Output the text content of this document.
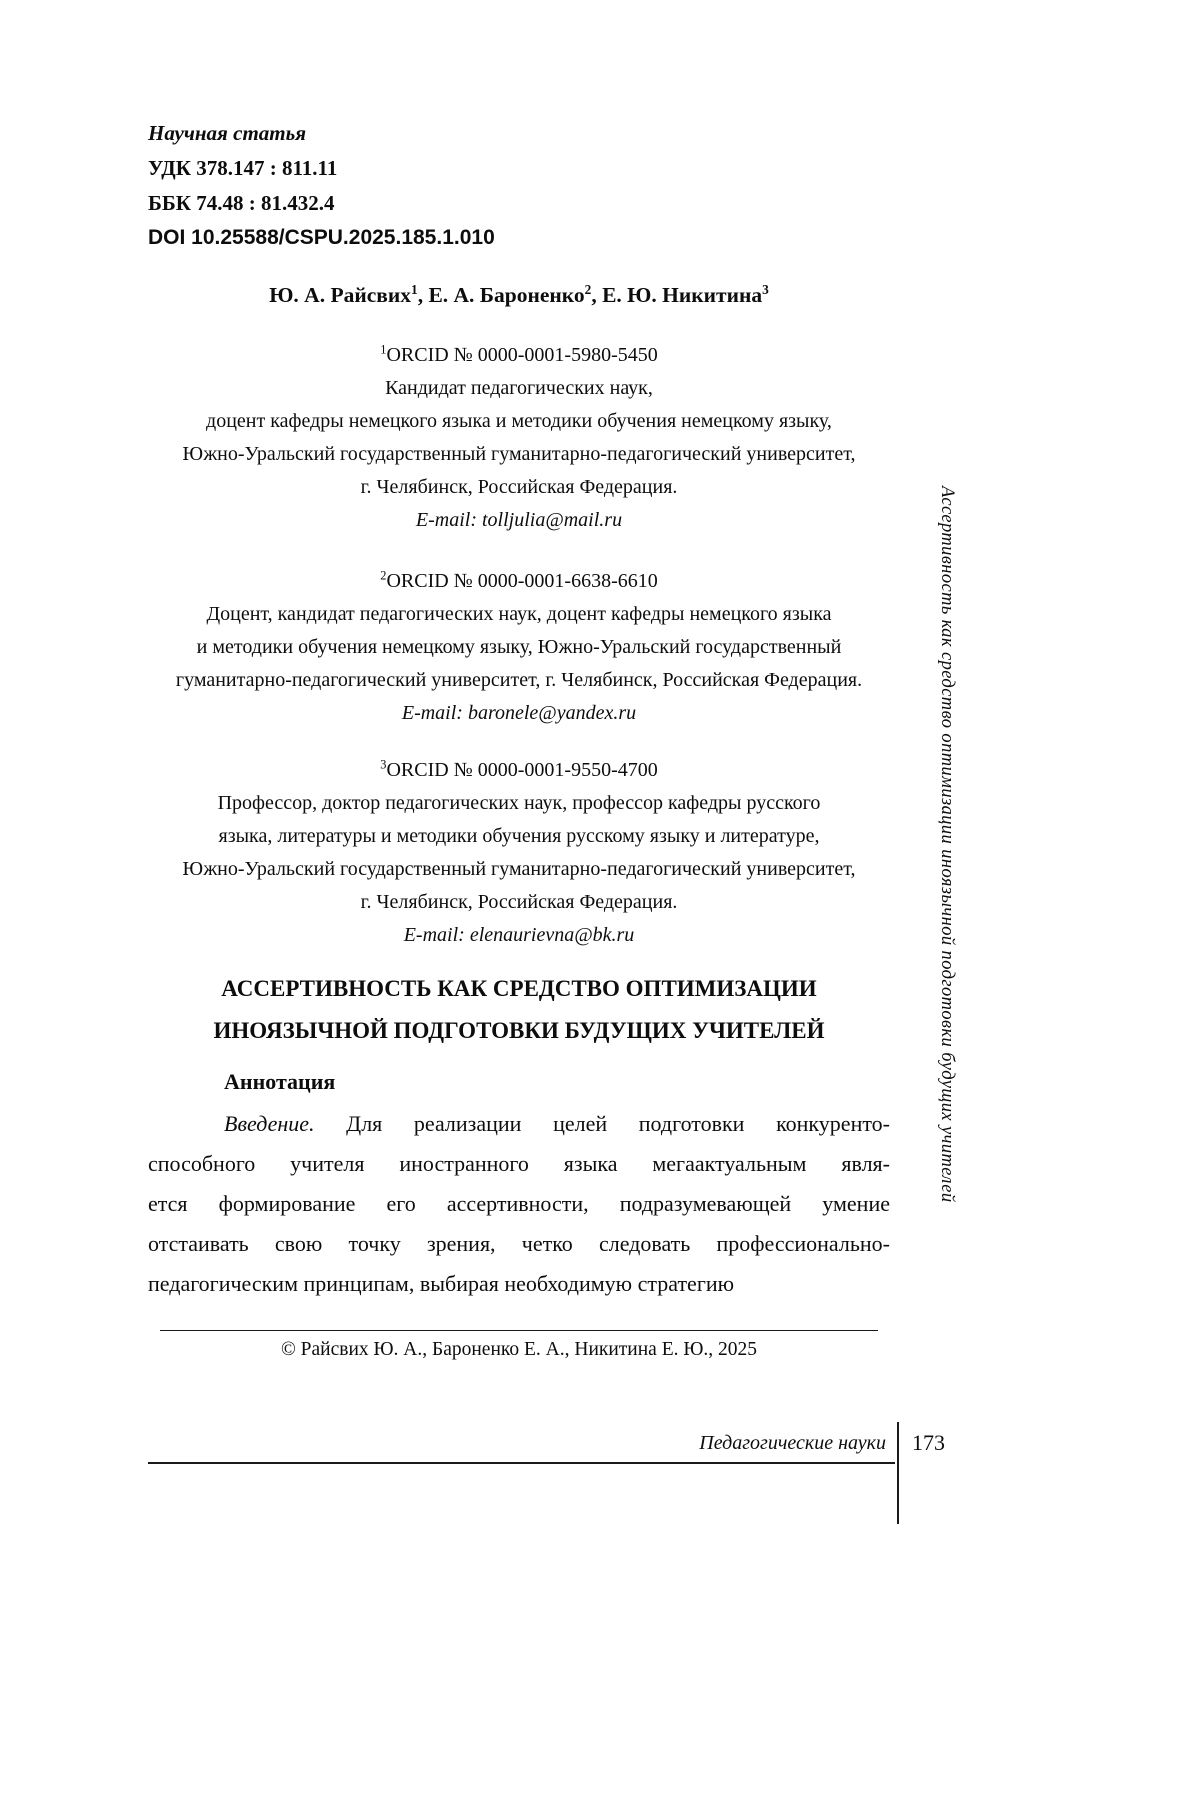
Научная статья
УДК 378.147 : 811.11
ББК 74.48 : 81.432.4
DOI 10.25588/CSPU.2025.185.1.010
Ю. А. Райсвих$^1$, Е. А. Бароненко$^2$, Е. Ю. Никитина$^3$
$^1$ORCID № 0000-0001-5980-5450
Кандидат педагогических наук,
доцент кафедры немецкого языка и методики обучения немецкому языку,
Южно-Уральский государственный гуманитарно-педагогический университет,
г. Челябинск, Российская Федерация.
E-mail: tolljulia@mail.ru
$^2$ORCID № 0000-0001-6638-6610
Доцент, кандидат педагогических наук, доцент кафедры немецкого языка
и методики обучения немецкому языку, Южно-Уральский государственный
гуманитарно-педагогический университет, г. Челябинск, Российская Федерация.
E-mail: baronele@yandex.ru
$^3$ORCID № 0000-0001-9550-4700
Профессор, доктор педагогических наук, профессор кафедры русского
языка, литературы и методики обучения русскому языку и литературе,
Южно-Уральский государственный гуманитарно-педагогический университет,
г. Челябинск, Российская Федерация.
E-mail: elenaurievna@bk.ru
АССЕРТИВНОСТЬ КАК СРЕДСТВО ОПТИМИЗАЦИИ
ИНОЯЗЫЧНОЙ ПОДГОТОВКИ БУДУЩИХ УЧИТЕЛЕЙ
Аннотация
Введение. Для реализации целей подготовки конкуренто-
способного учителя иностранного языка мегаактуальным явля-
ется формирование его ассертивности, подразумевающей умение
отстаивать свою точку зрения, четко следовать профессионально-
педагогическим принципам, выбирая необходимую стратегию
© Райсвих Ю. А., Бароненко Е. А., Никитина Е. Ю., 2025
Ассертивность как средство оптимизации иноязычной подготовки будущих учителей
Педагогические науки 173
